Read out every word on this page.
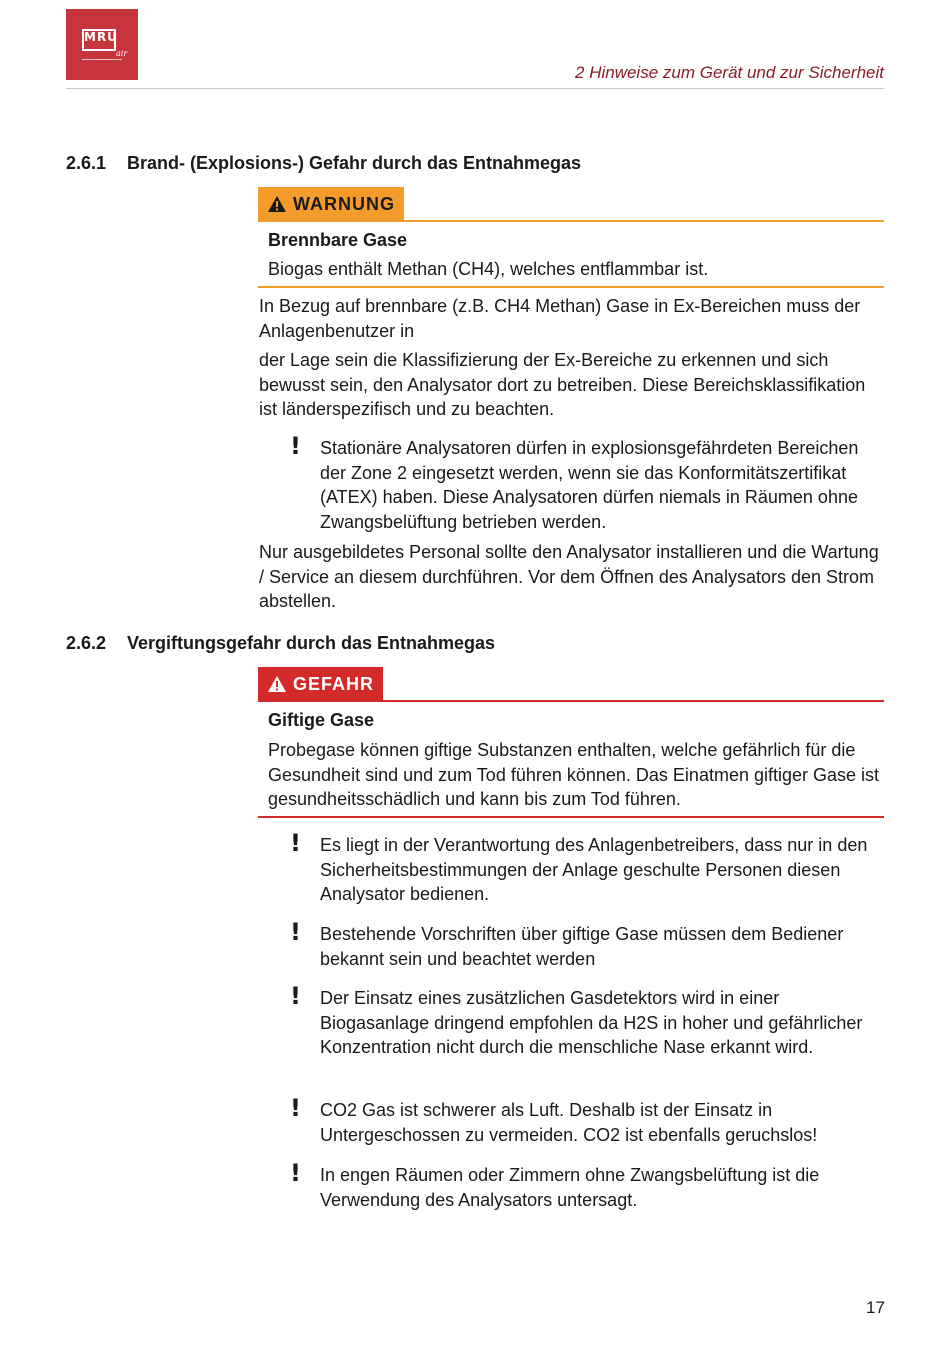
MRU
air
2 Hinweise zum Gerät und zur Sicherheit
2.6.1 Brand- (Explosions-) Gefahr durch das Entnahmegas
WARNUNG
Brennbare Gase
Biogas enthält Methan (CH4), welches entflammbar ist.
In Bezug auf brennbare (z.B. CH4 Methan) Gase in Ex-Bereichen muss der Anlagenbenutzer in
der Lage sein die Klassifizierung der Ex-Bereiche zu erkennen und sich bewusst sein, den Analysator dort zu betreiben. Diese Bereichsklassifikation ist länderspezifisch und zu beachten.
! Stationäre Analysatoren dürfen in explosionsgefährdeten Bereichen der Zone 2 eingesetzt werden, wenn sie das Konformitätszertifikat (ATEX) haben. Diese Analysatoren dürfen niemals in Räumen ohne Zwangsbelüftung betrieben werden.
Nur ausgebildetes Personal sollte den Analysator installieren und die Wartung / Service an diesem durchführen. Vor dem Öffnen des Analysators den Strom abstellen.
2.6.2 Vergiftungsgefahr durch das Entnahmegas
GEFAHR
Giftige Gase
Probegase können giftige Substanzen enthalten, welche gefährlich für die Gesundheit sind und zum Tod führen können. Das Einatmen giftiger Gase ist gesundheitsschädlich und kann bis zum Tod führen.
! Es liegt in der Verantwortung des Anlagenbetreibers, dass nur in den Sicherheitsbestimmungen der Anlage geschulte Personen diesen Analysator bedienen.
! Bestehende Vorschriften über giftige Gase müssen dem Bediener bekannt sein und beachtet werden
! Der Einsatz eines zusätzlichen Gasdetektors wird in einer Biogasanlage dringend empfohlen da H2S in hoher und gefährlicher Konzentration nicht durch die menschliche Nase erkannt wird.
! CO2 Gas ist schwerer als Luft. Deshalb ist der Einsatz in Untergeschossen zu vermeiden. CO2 ist ebenfalls geruchslos!
! In engen Räumen oder Zimmern ohne Zwangsbelüftung ist die Verwendung des Analysators untersagt.
17
